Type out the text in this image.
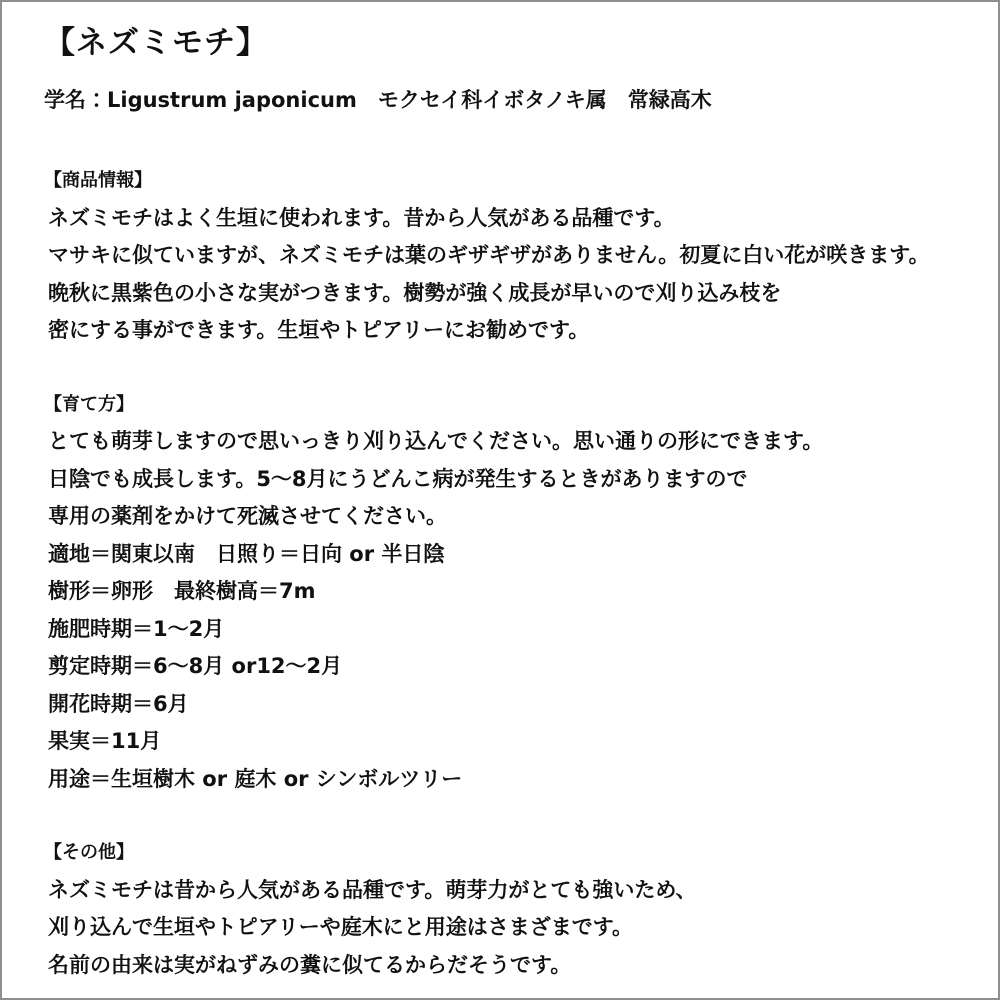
【ネズミモチ】

学名：Ligustrum japonicum　モクセイ科イボタノキ属　常緑高木

【商品情報】

ネズミモチはよく生垣に使われます。昔から人気がある品種です。

マサキに似ていますが、ネズミモチは葉のギザギザがありません。初夏に白い花が咲きます。

晩秋に黒紫色の小さな実がつきます。樹勢が強く成長が早いので刈り込み枝を

密にする事ができます。生垣やトピアリーにお勧めです。

【育て方】

とても萌芽しますので思いっきり刈り込んでください。思い通りの形にできます。

日陰でも成長します。5～8月にうどんこ病が発生するときがありますので

専用の薬剤をかけて死滅させてください。

適地＝関東以南　日照り＝日向 or 半日陰

樹形＝卵形　最終樹高＝7m

施肥時期＝1～2月

剪定時期＝6～8月 or12～2月

開花時期＝6月

果実＝11月

用途＝生垣樹木 or 庭木 or シンボルツリー

【その他】

ネズミモチは昔から人気がある品種です。萌芽力がとても強いため、

刈り込んで生垣やトピアリーや庭木にと用途はさまざまです。

名前の由来は実がねずみの糞に似てるからだそうです。
